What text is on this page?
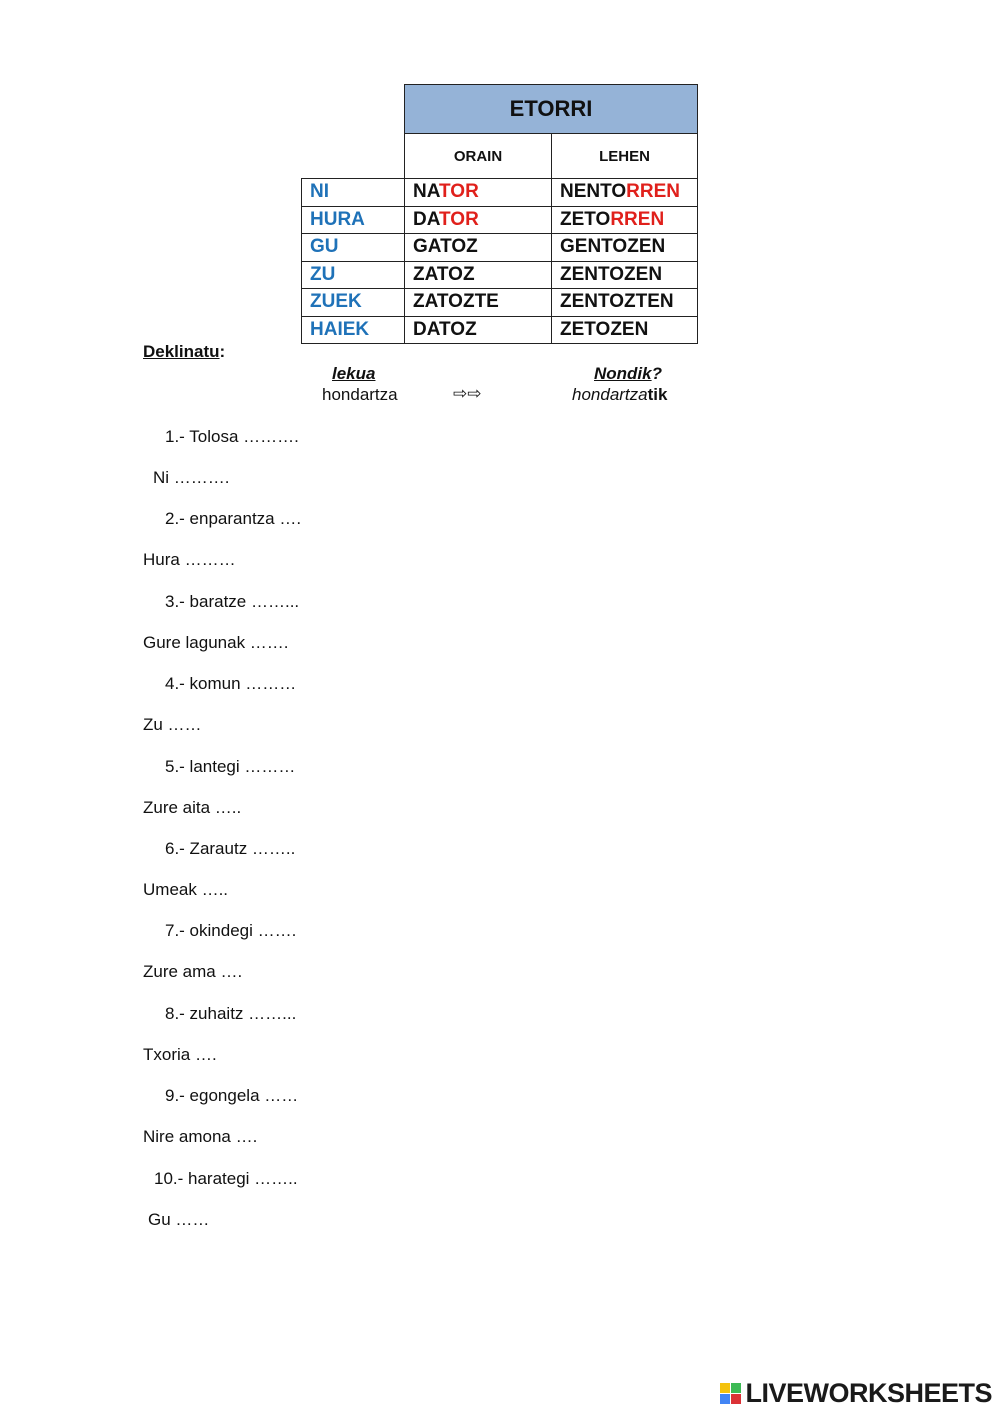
	ETORRI	
	ORAIN	LEHEN
NI	NATOR	NENTORREN
HURA	DATOR	ZETORREN
GU	GATOZ	GENTOZEN
ZU	ZATOZ	ZENTOZEN
ZUEK	ZATOZTE	ZENTOZTEN
HAIEK	DATOZ	ZETOZEN
Deklinatu:
lekua	Nondik?
hondartza	⇨⇨	hondartzatik
1.- Tolosa ……….
Ni ……….
2.- enparantza ….
Hura ………
3.- baratze ……...
Gure lagunak …….
4.- komun ………
Zu ……
5.- lantegi ………
Zure aita …..
6.- Zarautz ……..
Umeak …..
7.- okindegi …….
Zure ama ….
8.- zuhaitz ……...
Txoria ….
9.- egongela ……
Nire amona ….
10.- harategi ……..
Gu ……
LIVEWORKSHEETS
